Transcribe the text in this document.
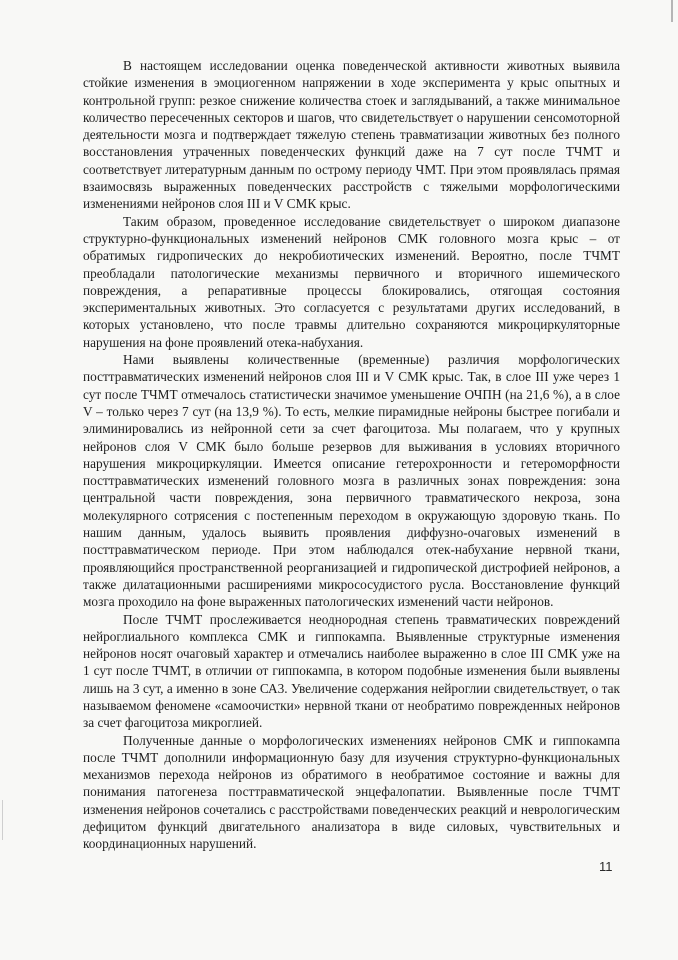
В настоящем исследовании оценка поведенческой активности животных выявила стойкие изменения в эмоциогенном напряжении в ходе эксперимента у крыс опытных и контрольной групп: резкое снижение количества стоек и заглядываний, а также минимальное количество пересеченных секторов и шагов, что свидетельствует о нарушении сенсомоторной деятельности мозга и подтверждает тяжелую степень травматизации животных без полного восстановления утраченных поведенческих функций даже на 7 сут после ТЧМТ и соответствует литературным данным по острому периоду ЧМТ. При этом проявлялась прямая взаимосвязь выраженных поведенческих расстройств с тяжелыми морфологическими изменениями нейронов слоя III и V СМК крыс.

Таким образом, проведенное исследование свидетельствует о широком диапазоне структурно-функциональных изменений нейронов СМК головного мозга крыс – от обратимых гидропических до некробиотических изменений. Вероятно, после ТЧМТ преобладали патологические механизмы первичного и вторичного ишемического повреждения, а репаративные процессы блокировались, отягощая состояния экспериментальных животных. Это согласуется с результатами других исследований, в которых установлено, что после травмы длительно сохраняются микроциркуляторные нарушения на фоне проявлений отека-набухания.

Нами выявлены количественные (временные) различия морфологических посттравматических изменений нейронов слоя III и V СМК крыс. Так, в слое III уже через 1 сут после ТЧМТ отмечалось статистически значимое уменьшение ОЧПН (на 21,6 %), а в слое V – только через 7 сут (на 13,9 %). То есть, мелкие пирамидные нейроны быстрее погибали и элиминировались из нейронной сети за счет фагоцитоза. Мы полагаем, что у крупных нейронов слоя V СМК было больше резервов для выживания в условиях вторичного нарушения микроциркуляции. Имеется описание гетерохронности и гетероморфности посттравматических изменений головного мозга в различных зонах повреждения: зона центральной части повреждения, зона первичного травматического некроза, зона молекулярного сотрясения с постепенным переходом в окружающую здоровую ткань. По нашим данным, удалось выявить проявления диффузно-очаговых изменений в посттравматическом периоде. При этом наблюдался отек-набухание нервной ткани, проявляющийся пространственной реорганизацией и гидропической дистрофией нейронов, а также дилатационными расширениями микрососудистого русла. Восстановление функций мозга проходило на фоне выраженных патологических изменений части нейронов.

После ТЧМТ прослеживается неоднородная степень травматических повреждений нейроглиального комплекса СМК и гиппокампа. Выявленные структурные изменения нейронов носят очаговый характер и отмечались наиболее выраженно в слое III СМК уже на 1 сут после ТЧМТ, в отличии от гиппокампа, в котором подобные изменения были выявлены лишь на 3 сут, а именно в зоне СА3. Увеличение содержания нейроглии свидетельствует, о так называемом феномене «самоочистки» нервной ткани от необратимо поврежденных нейронов за счет фагоцитоза микроглией.

Полученные данные о морфологических изменениях нейронов СМК и гиппокампа после ТЧМТ дополнили информационную базу для изучения структурно-функциональных механизмов перехода нейронов из обратимого в необратимое состояние и важны для понимания патогенеза посттравматической энцефалопатии. Выявленные после ТЧМТ изменения нейронов сочетались с расстройствами поведенческих реакций и неврологическим дефицитом функций двигательного анализатора в виде силовых, чувствительных и координационных нарушений.

11
